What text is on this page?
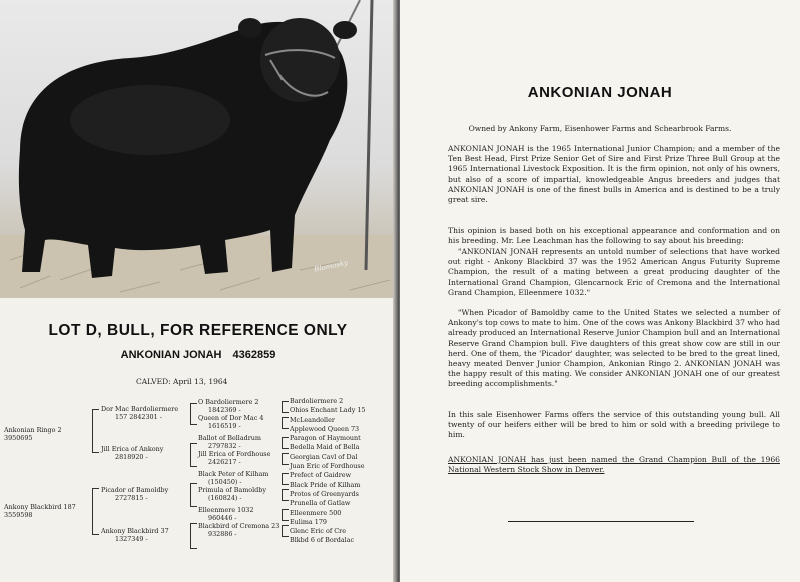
Blomosky
LOT D, BULL, FOR REFERENCE ONLY
ANKONIAN JONAH 4362859
CALVED: April 13, 1964
Ankonian Ringo 2
3950695
Ankony Blackbird 187
3559598
Dor Mac Bardoliermere
157 2842301 -
Jill Erica of Ankony
2818920 -
Picador of Bamoldby
2727815 -
Ankony Blackbird 37
1327349 -
O Bardoliermere 2
1842369 -
Queen of Dor Mac 4
1616519 -
Ballot of Belladrum
2797832 -
Jill Erica of Fordhouse
2426217 -
Black Peter of Kilham
(150450) -
Primula of Bamoldby
(160824) -
Elleenmere 1032
960446 -
Blackbird of Cremona 23
932886 -
Bardoliermere 2
Ohios Enchant Lady 15
McLeandoller
Applewood Queen 73
Paragon of Haymount
Bedella Maid of Bella
Georgian Cavl of Dal
Juan Eric of Fordhouse
Prefect of Gaidrew
Black Pride of Kilham
Protos of Greenyards
Prunella of Gatlaw
Elleenmere 500
Eulima 179
Glenc Eric of Cre
Blkbd 6 of Bordalac
ANKONIAN JONAH
Owned by Ankony Farm, Eisenhower Farms and Schearbrook Farms.
ANKONIAN JONAH is the 1965 International Junior Champion; and a member of the Ten Best Head, First Prize Senior Get of Sire and First Prize Three Bull Group at the 1965 International Livestock Exposition. It is the firm opinion, not only of his owners, but also of a score of impartial, knowledgeable Angus breeders and judges that ANKONIAN JONAH is one of the finest bulls in America and is destined to be a truly great sire.
This opinion is based both on his exceptional appearance and conformation and on his breeding. Mr. Lee Leachman has the following to say about his breeding:
"ANKONIAN JONAH represents an untold number of selections that have worked out right - Ankony Blackbird 37 was the 1952 American Angus Futurity Supreme Champion, the result of a mating between a great producing daughter of the International Grand Champion, Glencarnock Eric of Cremona and the International Grand Champion, Elleenmere 1032."
"When Picador of Bamoldby came to the United States we selected a number of Ankony's top cows to mate to him. One of the cows was Ankony Blackbird 37 who had already produced an International Reserve Junior Champion bull and an International Reserve Grand Champion bull. Five daughters of this great show cow are still in our herd. One of them, the 'Picador' daughter, was selected to be bred to the great lined, heavy meated Denver Junior Champion, Ankonian Ringo 2. ANKONIAN JONAH was the happy result of this mating. We consider ANKONIAN JONAH one of our greatest breeding accomplishments."
In this sale Eisenhower Farms offers the service of this outstanding young bull. All twenty of our heifers either will be bred to him or sold with a breeding privilege to him.
ANKONIAN JONAH has just been named the Grand Champion Bull of the 1966 National Western Stock Show in Denver.
